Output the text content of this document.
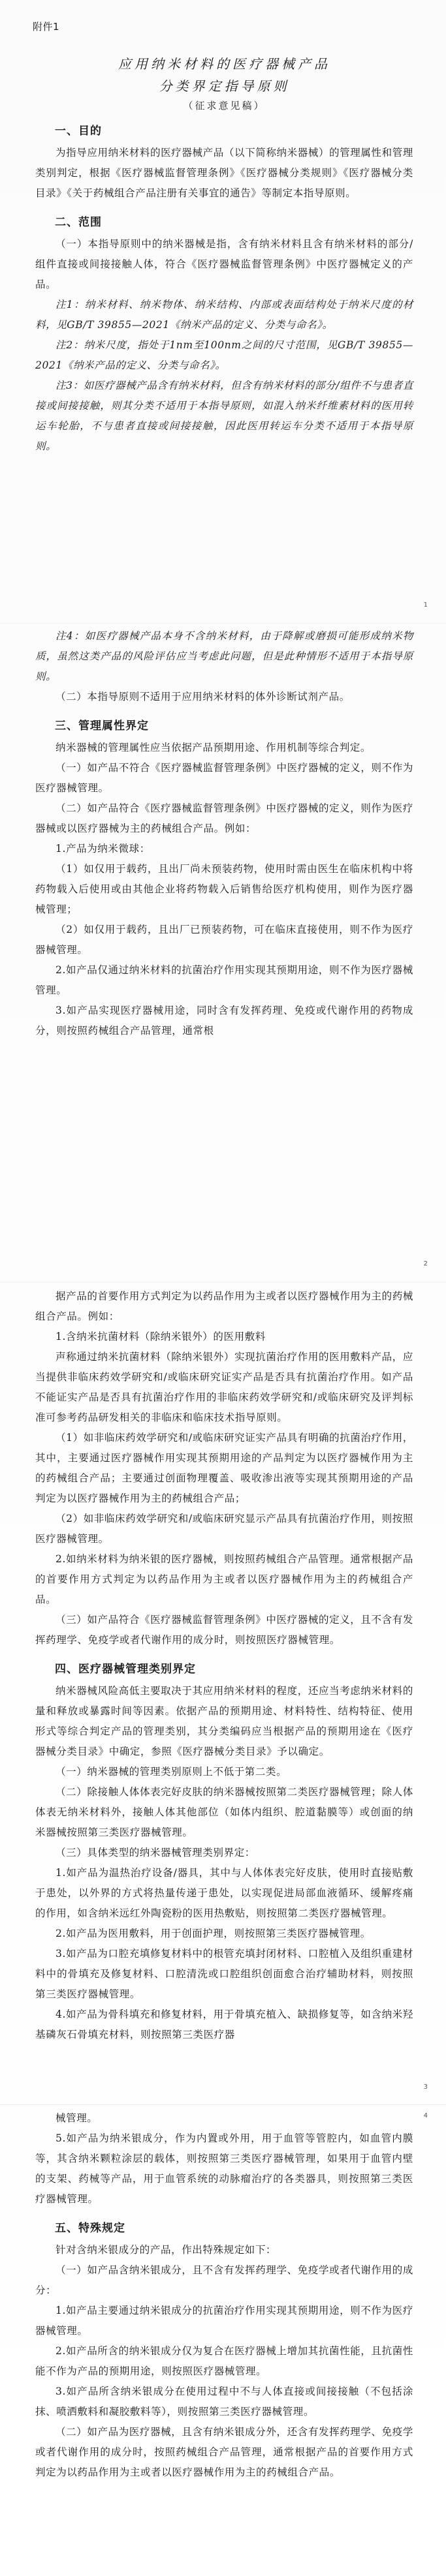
附件1
应用纳米材料的医疗器械产品
分类界定指导原则
（征求意见稿）
一、目的
为指导应用纳米材料的医疗器械产品（以下简称纳米器械）的管理属性和管理类别判定，根据《医疗器械监督管理条例》《医疗器械分类规则》《医疗器械分类目录》《关于药械组合产品注册有关事宜的通告》等制定本指导原则。
二、范围
（一）本指导原则中的纳米器械是指，含有纳米材料且含有纳米材料的部分/组件直接或间接接触人体，符合《医疗器械监督管理条例》中医疗器械定义的产品。
注1：纳米材料、纳米物体、纳米结构、内部或表面结构处于纳米尺度的材料，见GB/T 39855—2021《纳米产品的定义、分类与命名》。
注2：纳米尺度，指处于1nm至100nm之间的尺寸范围，见GB/T 39855—2021《纳米产品的定义、分类与命名》。
注3：如医疗器械产品含有纳米材料，但含有纳米材料的部分/组件不与患者直接或间接接触，则其分类不适用于本指导原则，如混入纳米纤维素材料的医用转运车轮胎，不与患者直接或间接接触，因此医用转运车分类不适用于本指导原则。
1
注4：如医疗器械产品本身不含纳米材料，由于降解或磨损可能形成纳米物质，虽然这类产品的风险评估应当考虑此问题，但是此种情形不适用于本指导原则。
（二）本指导原则不适用于应用纳米材料的体外诊断试剂产品。
三、管理属性界定
纳米器械的管理属性应当依据产品预期用途、作用机制等综合判定。
（一）如产品不符合《医疗器械监督管理条例》中医疗器械的定义，则不作为医疗器械管理。
（二）如产品符合《医疗器械监督管理条例》中医疗器械的定义，则作为医疗器械或以医疗器械为主的药械组合产品。例如：
1.产品为纳米微球：
（1）如仅用于载药，且出厂尚未预装药物，使用时需由医生在临床机构中将药物载入后使用或由其他企业将药物载入后销售给医疗机构使用，则作为医疗器械管理；
（2）如仅用于载药，且出厂已预装药物，可在临床直接使用，则不作为医疗器械管理。
2.如产品仅通过纳米材料的抗菌治疗作用实现其预期用途，则不作为医疗器械管理。
3.如产品实现医疗器械用途，同时含有发挥药理、免疫或代谢作用的药物成分，则按照药械组合产品管理，通常根
2
据产品的首要作用方式判定为以药品作用为主或者以医疗器械作用为主的药械组合产品。例如：
1.含纳米抗菌材料（除纳米银外）的医用敷料
声称通过纳米抗菌材料（除纳米银外）实现抗菌治疗作用的医用敷料产品，应当提供非临床药效学研究和/或临床研究证实产品是否具有抗菌治疗作用。如产品不能证实产品是否具有抗菌治疗作用的非临床药效学研究和/或临床研究及评判标准可参考药品研发相关的非临床和临床技术指导原则。
（1）如非临床药效学研究和/或临床研究证实产品具有明确的抗菌治疗作用，其中，主要通过医疗器械作用实现其预期用途的产品判定为以医疗器械作用为主的药械组合产品；主要通过创面物理覆盖、吸收渗出液等实现其预期用途的产品判定为以医疗器械作用为主的药械组合产品；
（2）如非临床药效学研究和/或临床研究显示产品具有抗菌治疗作用，则按照医疗器械管理。
2.如纳米材料为纳米银的医疗器械，则按照药械组合产品管理。通常根据产品的首要作用方式判定为以药品作用为主或者以医疗器械作用为主的药械组合产品。
（三）如产品符合《医疗器械监督管理条例》中医疗器械的定义，且不含有发挥药理学、免疫学或者代谢作用的成分时，则按照医疗器械管理。
四、医疗器械管理类别界定
纳米器械风险高低主要取决于其应用纳米材料的程度，还应当考虑纳米材料的量和释放或暴露时间等因素。依据产品的预期用途、材料特性、结构特征、使用形式等综合判定产品的管理类别，其分类编码应当根据产品的预期用途在《医疗器械分类目录》中确定，参照《医疗器械分类目录》予以确定。
（一）纳米器械的管理类别原则上不低于第二类。
（二）除接触人体体表完好皮肤的纳米器械按照第二类医疗器械管理；除人体体表无纳米材料外，接触人体其他部位（如体内组织、腔道黏膜等）或创面的纳米器械按照第三类医疗器械管理。
（三）具体类型的纳米器械管理类别界定：
1.如产品为温热治疗设备/器具，其中与人体体表完好皮肤，使用时直接贴敷于患处，以外界的方式将热量传递于患处，以实现促进局部血液循环、缓解疼痛的作用，如含纳米远红外陶瓷粉的医用热敷贴，则按照第二类医疗器械管理。
2.如产品为医用敷料，用于创面护理，则按照第三类医疗器械管理。
3.如产品为口腔充填修复材料中的根管充填封闭材料、口腔植入及组织重建材料中的骨填充及修复材料、口腔清洗或口腔组织创面愈合治疗辅助材料，则按照第三类医疗器械管理。
4.如产品为骨科填充和修复材料，用于骨填充植入、缺损修复等，如含纳米羟基磷灰石骨填充材料，则按照第三类医疗器
3
械管理。
5.如产品为纳米银成分，作为内置或外用，用于血管等管腔内，如血管内膜等，其含纳米颗粒涂层的载体，则按照第三类医疗器械管理，如果用于血管内壁的支架、药械等产品，用于血管系统的动脉瘤治疗的各类器具，则按照第三类医疗器械管理。
五、特殊规定
针对含纳米银成分的产品，作出特殊规定如下：
（一）如产品含纳米银成分，且不含有发挥药理学、免疫学或者代谢作用的成分：
1.如产品主要通过纳米银成分的抗菌治疗作用实现其预期用途，则不作为医疗器械管理。
2.如产品所含的纳米银成分仅为复合在医疗器械上增加其抗菌性能，且抗菌性能不作为产品的预期用途，则按照医疗器械管理。
3.如产品所含纳米银成分在使用过程中不与人体直接或间接接触（不包括涂抹、喷洒敷料和凝胶敷料等），则按照第三类医疗器械管理。
（二）如产品为医疗器械，且含有纳米银成分外，还含有发挥药理学、免疫学或者代谢作用的成分时，按照药械组合产品管理，通常根据产品的首要作用方式判定为以药品作用为主或者以医疗器械作用为主的药械组合产品。
4
